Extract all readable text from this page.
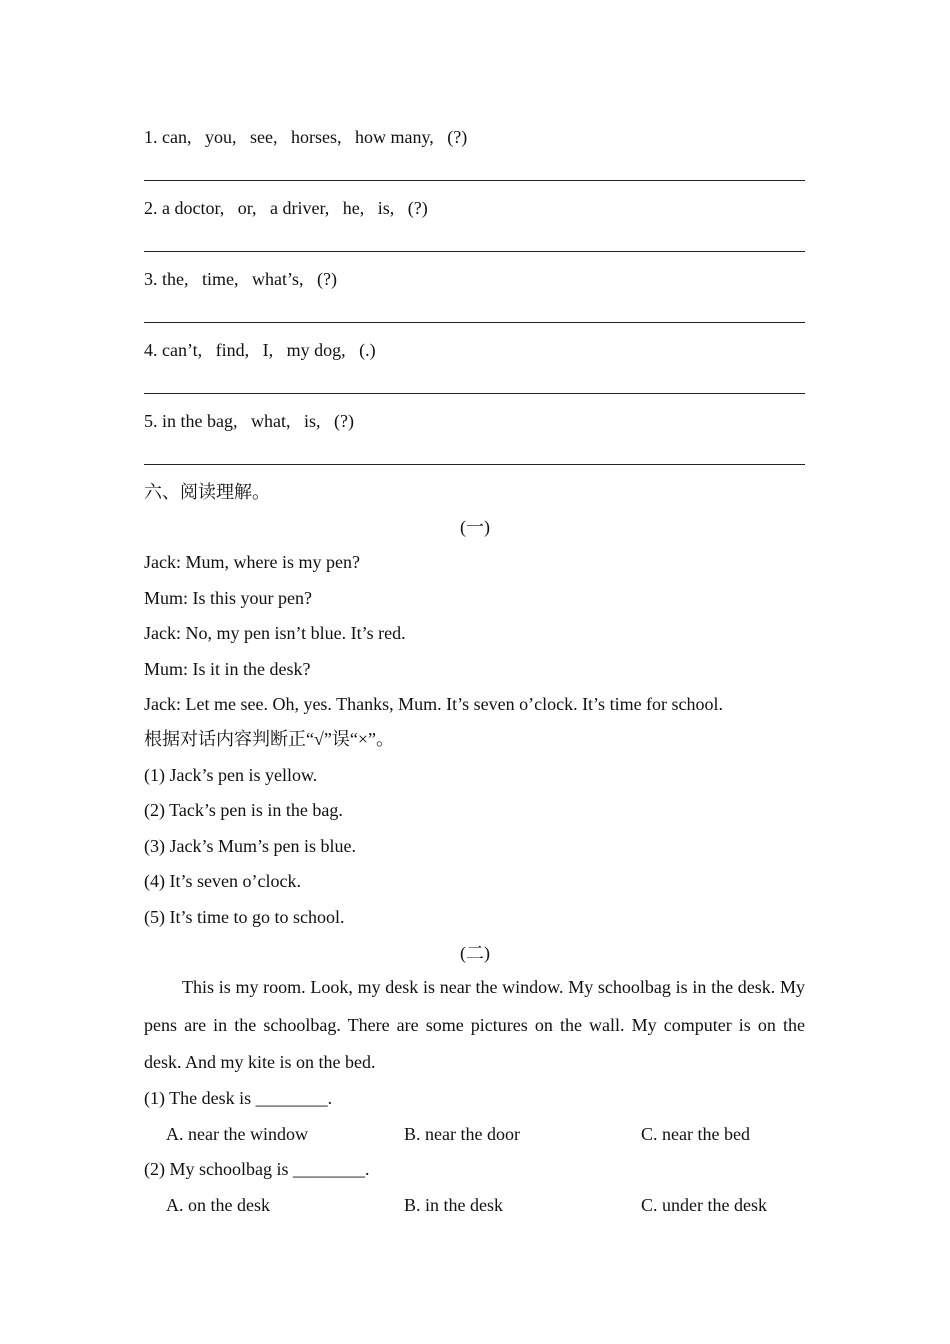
1. can,   you,   see,   horses,   how many,   (?)
2. a doctor,   or,   a driver,   he,   is,   (?)
3. the,   time,   what’s,   (?)
4. can’t,   find,   I,   my dog,   (.)
5. in the bag,   what,   is,   (?)
六、阅读理解。
(一)
Jack: Mum, where is my pen?
Mum: Is this your pen?
Jack: No, my pen isn’t blue. It’s red.
Mum: Is it in the desk?
Jack: Let me see. Oh, yes. Thanks, Mum. It’s seven o’clock. It’s time for school.
根据对话内容判断正“√”误“×”。
(1) Jack’s pen is yellow.
(2) Tack’s pen is in the bag.
(3) Jack’s Mum’s pen is blue.
(4) It’s seven o’clock.
(5) It’s time to go to school.
(二)
This is my room. Look, my desk is near the window. My schoolbag is in the desk. My pens are in the schoolbag. There are some pictures on the wall. My computer is on the desk. And my kite is on the bed.
(1) The desk is ________.
A. near the window	B. near the door	C. near the bed
(2) My schoolbag is ________.
A. on the desk	B. in the desk	C. under the desk
